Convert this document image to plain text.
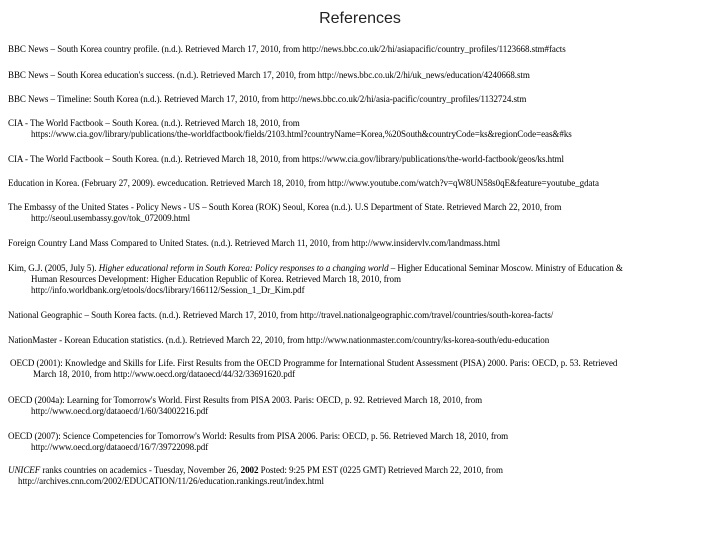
References
BBC News – South Korea country profile. (n.d.). Retrieved March 17, 2010, from http://news.bbc.co.uk/2/hi/asiapacific/country_profiles/1123668.stm#facts
BBC News – South Korea education's success. (n.d.). Retrieved March 17, 2010, from http://news.bbc.co.uk/2/hi/uk_news/education/4240668.stm
BBC News – Timeline: South Korea (n.d.). Retrieved March 17, 2010, from http://news.bbc.co.uk/2/hi/asia-pacific/country_profiles/1132724.stm
CIA - The World Factbook – South Korea. (n.d.). Retrieved March 18, 2010, from
https://www.cia.gov/library/publications/the-worldfactbook/fields/2103.html?countryName=Korea,%20South&countryCode=ks&regionCode=eas&#ks
CIA - The World Factbook – South Korea. (n.d.). Retrieved March 18, 2010, from https://www.cia.gov/library/publications/the-world-factbook/geos/ks.html
Education in Korea. (February 27, 2009). ewceducation. Retrieved March 18, 2010, from http://www.youtube.com/watch?v=qW8UN58s0qE&feature=youtube_gdata
The Embassy of the United States - Policy News - US – South Korea (ROK) Seoul, Korea (n.d.). U.S Department of State. Retrieved March 22, 2010, from
http://seoul.usembassy.gov/tok_072009.html
Foreign Country Land Mass Compared to United States. (n.d.). Retrieved March 11, 2010, from http://www.insidervlv.com/landmass.html
Kim, G.J. (2005, July 5). Higher educational reform in South Korea: Policy responses to a changing world – Higher Educational Seminar Moscow. Ministry of Education &
Human Resources Development: Higher Education Republic of Korea. Retrieved March 18, 2010, from
http://info.worldbank.org/etools/docs/library/166112/Session_1_Dr_Kim.pdf
National Geographic – South Korea facts. (n.d.). Retrieved March 17, 2010, from http://travel.nationalgeographic.com/travel/countries/south-korea-facts/
NationMaster - Korean Education statistics. (n.d.). Retrieved March 22, 2010, from http://www.nationmaster.com/country/ks-korea-south/edu-education
OECD (2001): Knowledge and Skills for Life. First Results from the OECD Programme for International Student Assessment (PISA) 2000. Paris: OECD, p. 53. Retrieved
March 18, 2010, from http://www.oecd.org/dataoecd/44/32/33691620.pdf
OECD (2004a): Learning for Tomorrow's World. First Results from PISA 2003. Paris: OECD, p. 92. Retrieved March 18, 2010, from
http://www.oecd.org/dataoecd/1/60/34002216.pdf
OECD (2007): Science Competencies for Tomorrow's World: Results from PISA 2006. Paris: OECD, p. 56. Retrieved March 18, 2010, from
http://www.oecd.org/dataoecd/16/7/39722098.pdf
UNICEF ranks countries on academics - Tuesday, November 26, 2002 Posted: 9:25 PM EST (0225 GMT) Retrieved March 22, 2010, from
http://archives.cnn.com/2002/EDUCATION/11/26/education.rankings.reut/index.html
